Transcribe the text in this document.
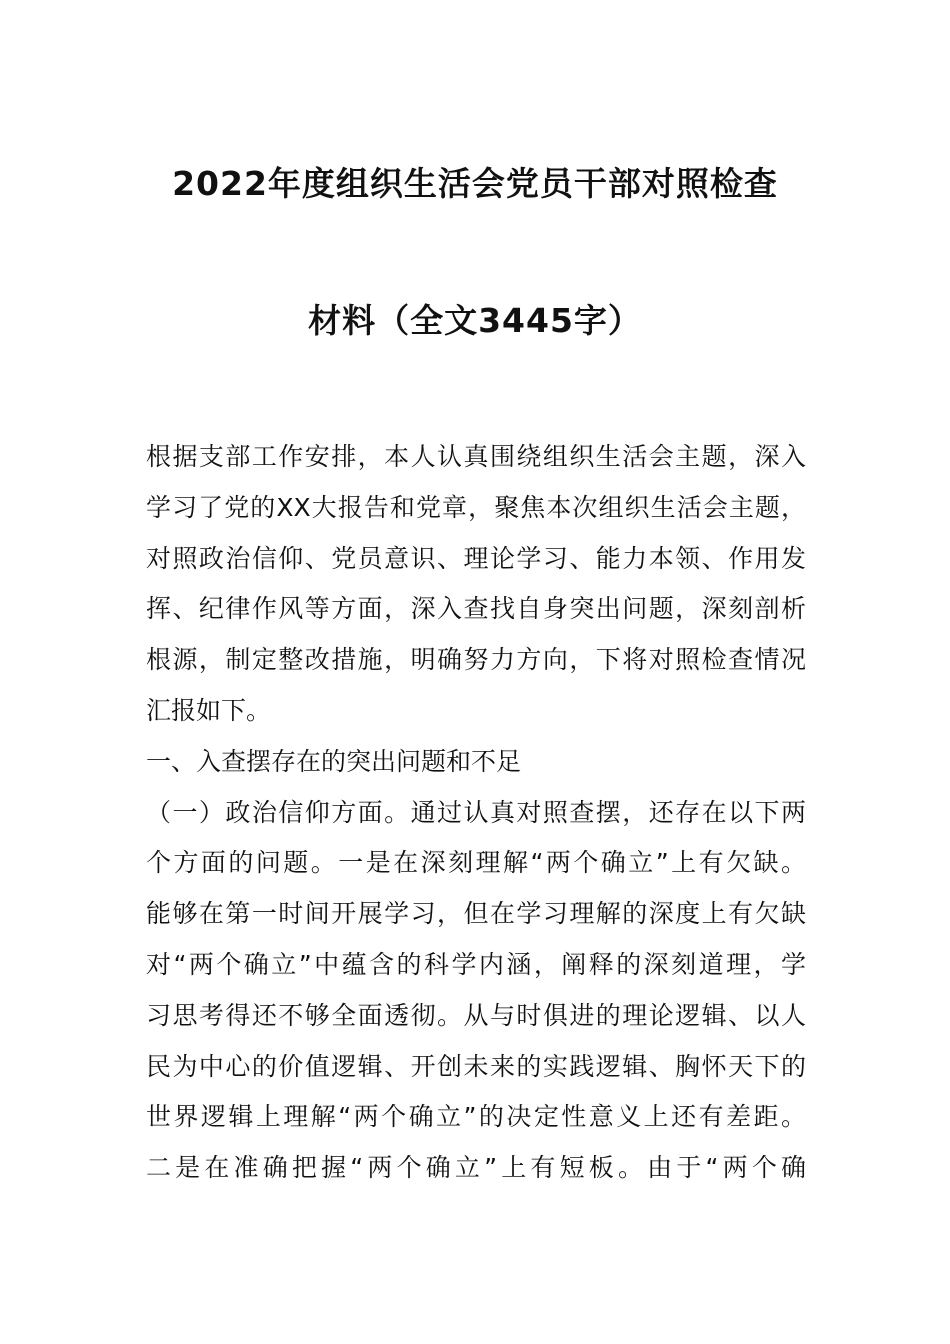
2022年度组织生活会党员干部对照检查
材料（全文3445字）
根据支部工作安排，本人认真围绕组织生活会主题，深入
学习了党的XX大报告和党章，聚焦本次组织生活会主题，
对照政治信仰、党员意识、理论学习、能力本领、作用发
挥、纪律作风等方面，深入查找自身突出问题，深刻剖析
根源，制定整改措施，明确努力方向，下将对照检查情况
汇报如下。
一、入查摆存在的突出问题和不足
（一）政治信仰方面。通过认真对照查摆，还存在以下两
个方面的问题。一是在深刻理解“两个确立”上有欠缺。
能够在第一时间开展学习，但在学习理解的深度上有欠缺
对“两个确立”中蕴含的科学内涵，阐释的深刻道理，学
习思考得还不够全面透彻。从与时俱进的理论逻辑、以人
民为中心的价值逻辑、开创未来的实践逻辑、胸怀天下的
世界逻辑上理解“两个确立”的决定性意义上还有差距。
二是在准确把握“两个确立”上有短板。由于“两个确
